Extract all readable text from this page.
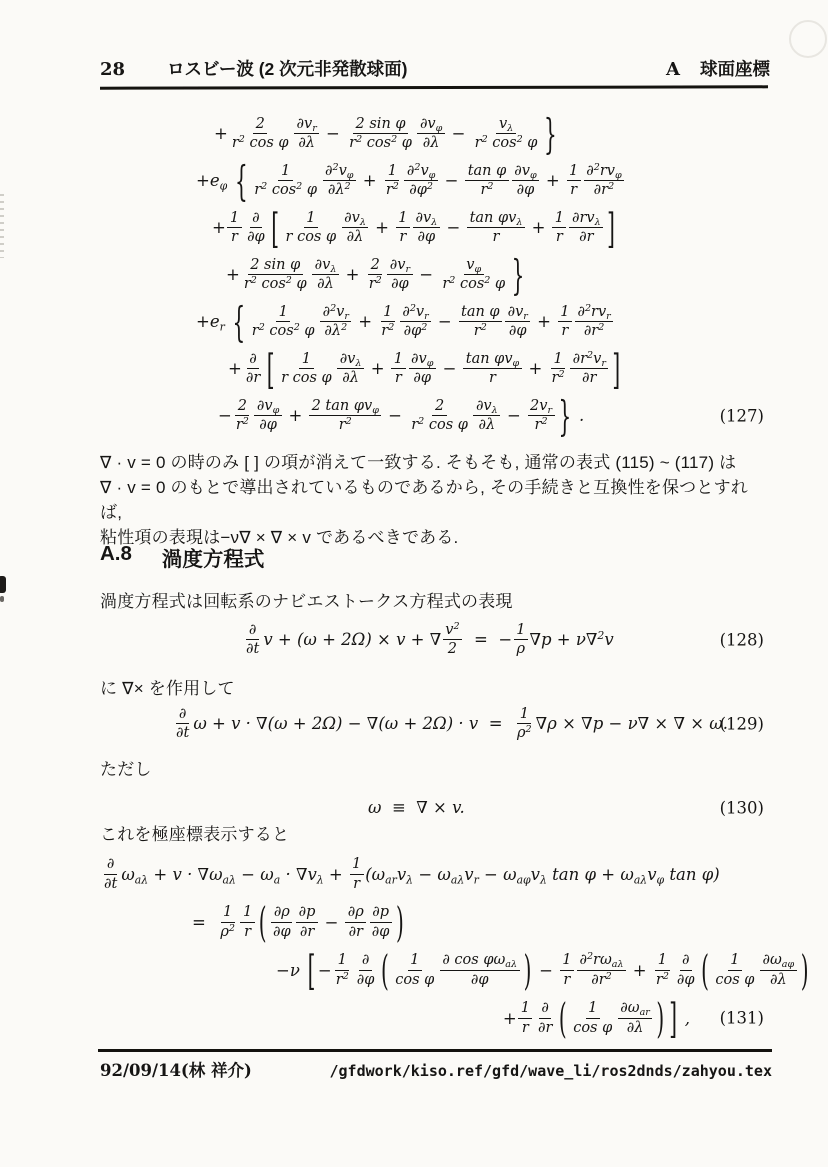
28 ロスビー波 (2 次元非発散球面)	A 球面座標
+ $\frac{2}{r^2 \cos \varphi} \frac{\partial v_r}{\partial\lambda} - \frac{\text{2 sin φ}}{r^2 \cos^2 \varphi} \frac{\partial v_\varphi}{\partial\lambda} - \frac{v_\lambda}{r^2 \cos^2 \varphi}$ }
$+e_\varphi$ { $\frac{1}{r^2 \cos^2 \varphi} \frac{\partial^2v_\varphi}{\partial\lambda^2} + \frac{1}{r^2} \frac{\partial^2v_\varphi}{\partial\varphi^2} - \frac{\text{tan φ}}{r^2} \frac{\partial v_\varphi}{\partial\varphi} + \frac{1}{r} \frac{\partial^2rv_\varphi}{\partial r^2}$
+ $\frac{1}{r} \frac{\partial}{\partial\varphi}$ [ $\frac{1}{\text{r cos φ}} \frac{\partial v_\lambda}{\partial\lambda} + \frac{1}{r} \frac{\partial v_\lambda}{\partial\varphi} - \frac{\tan \varphi v_\lambda}{r} + \frac{1}{r} \frac{\partial rv_\lambda}{\partial r}$ ]
+ $\frac{\text{2 sin φ}}{r^2 \cos^2 \varphi} \frac{\partial v_\lambda}{\partial\lambda} + \frac{2}{r^2} \frac{\partial v_r}{\partial\varphi} - \frac{v_\varphi}{r^2 \cos^2 \varphi}$ }
$+e_r$ { $\frac{1}{r^2 \cos^2 \varphi} \frac{\partial^2v_r}{\partial\lambda^2} + \frac{1}{r^2} \frac{\partial^2v_r}{\partial\varphi^2} - \frac{\text{tan φ}}{r^2} \frac{\partial v_r}{\partial\varphi} + \frac{1}{r} \frac{\partial^2rv_r}{\partial r^2}$
+ $\frac{\partial}{\partial r}$ [ $\frac{1}{\text{r cos φ}} \frac{\partial v_\lambda}{\partial\lambda} + \frac{1}{r} \frac{\partial v_\varphi}{\partial\varphi} - \frac{\tan \varphi v_\varphi}{r} + \frac{1}{r^2} \frac{\partial r^2v_r}{\partial r}$ ]
− $\frac{2}{r^2} \frac{\partial v_\varphi}{\partial\varphi} + \frac{2 \tan \varphi v_\varphi}{r^2} - \frac{2}{r^2 \cos \varphi} \frac{\partial v_\lambda}{\partial\lambda} - \frac{2v_r}{r^2}$ } .	(127)
∇ · v = 0 の時のみ [ ] の項が消えて一致する. そもそも, 通常の表式 (115) ~ (117) は
∇ · v = 0 のもとで導出されているものであるから, その手続きと互換性を保つとすれば,
粘性項の表現は−ν∇ × ∇ × v であるべきである.
A.8 渦度方程式
渦度方程式は回転系のナビエストークス方程式の表現
$\frac{\partial}{\partial t}$ v + (ω + 2Ω) × v + ∇ $\frac{v^2}{2}$ =  − $\frac{1}{\rho} \nabla p + \nu\nabla^2v$	(128)
に ∇× を作用して
$\frac{\partial}{\partial t}$ $\omega + v \cdot \nabla(\omega + 2\Omega) - \nabla(\omega + 2\Omega) \cdot v = \frac{1}{\rho^2} \nabla\rho \times \nabla p - \nu\nabla$ × ∇ × ω.
(129)
ただし
ω  ≡  ∇ × v.	(130)
これを極座標表示すると
$\frac{\partial}{\partial t} \omega_{a\lambda} + v \cdot \nabla\omega_{a\lambda} - \omega_a \cdot \nabla v_\lambda + \frac{1}{r} (\omega_{ar}v_\lambda - \omega_{a\lambda}v_r - \omega_{a\varphi}v_\lambda$ $\tan \varphi + \omega_{a\lambda}v_\varphi$ tan φ)
= $\frac{1}{\rho^2} \frac{1}{r}$ ( $\frac{\partial\rho}{\partial\varphi} \frac{\partial p}{\partial r} - \frac{\partial\rho}{\partial r} \frac{\partial p}{\partial\varphi}$ )
−ν [ − $\frac{1}{r^2} \frac{\partial}{\partial\varphi}$ ( $\frac{1}{\text{cos φ}} \frac{\partial \cos \varphi\omega_{a\lambda}}{\partial\varphi}$ ) − $\frac{1}{r} \frac{\partial^2r\omega_{a\lambda}}{\partial r^2} + \frac{1}{r^2} \frac{\partial}{\partial\varphi}$ ( $\frac{1}{\text{cos φ}} \frac{\partial\omega_{a\varphi}}{\partial\lambda}$ )
+ $\frac{1}{r} \frac{\partial}{\partial r}$ ( $\frac{1}{\text{cos φ}} \frac{\partial\omega_{ar}}{\partial\lambda}$ ) ] , (131)
92/09/14(林 祥介)	/gfdwork/kiso.ref/gfd/wave_li/ros2dnds/zahyou.tex
